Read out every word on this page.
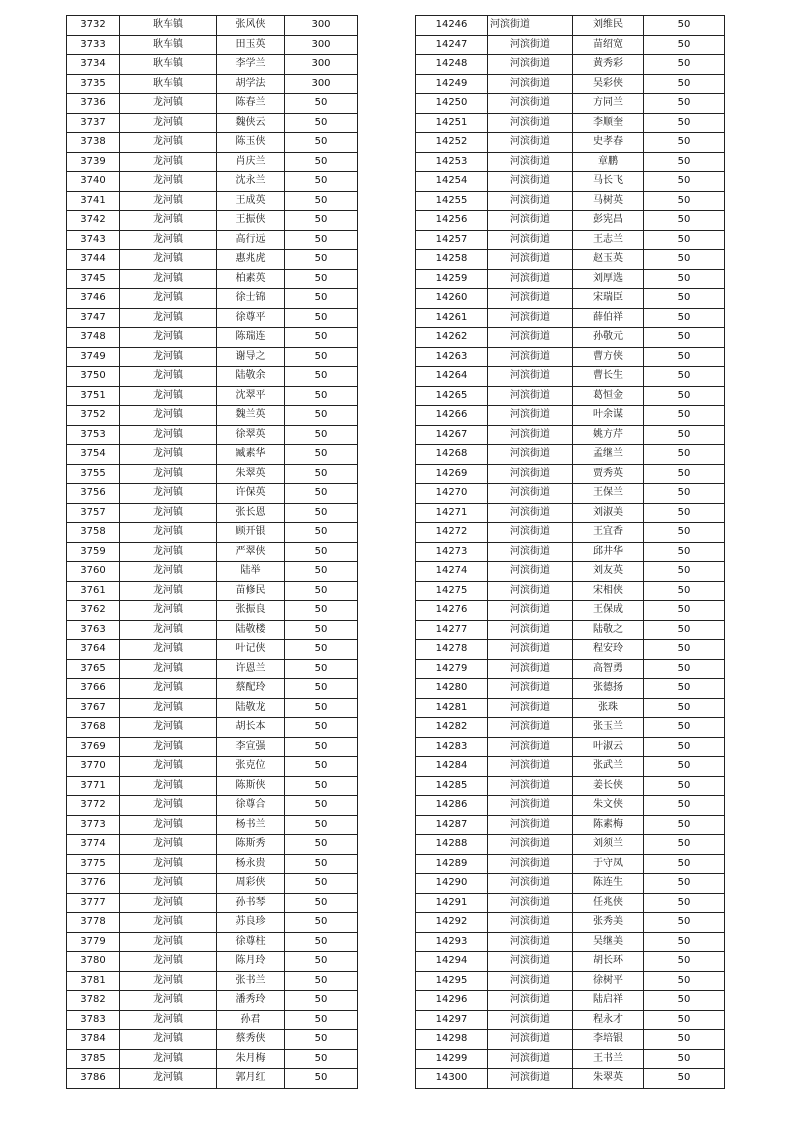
3732	耿车镇	张风侠	300
3733	耿车镇	田玉英	300
3734	耿车镇	李学兰	300
3735	耿车镇	胡学法	300
3736	龙河镇	陈春兰	50
3737	龙河镇	魏侠云	50
3738	龙河镇	陈玉侠	50
3739	龙河镇	肖庆兰	50
3740	龙河镇	沈永兰	50
3741	龙河镇	王成英	50
3742	龙河镇	王振侠	50
3743	龙河镇	高行远	50
3744	龙河镇	惠兆虎	50
3745	龙河镇	柏素英	50
3746	龙河镇	徐士锦	50
3747	龙河镇	徐尊平	50
3748	龙河镇	陈瑞连	50
3749	龙河镇	谢导之	50
3750	龙河镇	陆敬余	50
3751	龙河镇	沈翠平	50
3752	龙河镇	魏兰英	50
3753	龙河镇	徐翠英	50
3754	龙河镇	臧素华	50
3755	龙河镇	朱翠英	50
3756	龙河镇	许保英	50
3757	龙河镇	张长恩	50
3758	龙河镇	顾开银	50
3759	龙河镇	严翠侠	50
3760	龙河镇	陆举	50
3761	龙河镇	苗修民	50
3762	龙河镇	张振良	50
3763	龙河镇	陆敬楼	50
3764	龙河镇	叶记侠	50
3765	龙河镇	许恩兰	50
3766	龙河镇	蔡配玲	50
3767	龙河镇	陆敬龙	50
3768	龙河镇	胡长本	50
3769	龙河镇	李宣强	50
3770	龙河镇	张克位	50
3771	龙河镇	陈斯侠	50
3772	龙河镇	徐尊合	50
3773	龙河镇	杨书兰	50
3774	龙河镇	陈斯秀	50
3775	龙河镇	杨永贵	50
3776	龙河镇	周彩侠	50
3777	龙河镇	孙书琴	50
3778	龙河镇	苏良珍	50
3779	龙河镇	徐尊柱	50
3780	龙河镇	陈月玲	50
3781	龙河镇	张书兰	50
3782	龙河镇	潘秀玲	50
3783	龙河镇	孙君	50
3784	龙河镇	蔡秀侠	50
3785	龙河镇	朱月梅	50
3786	龙河镇	郭月红	50
14246	河滨街道	刘维民	50
14247	河滨街道	苗绍宽	50
14248	河滨街道	黄秀彩	50
14249	河滨街道	吴彩侠	50
14250	河滨街道	方同兰	50
14251	河滨街道	李顺奎	50
14252	河滨街道	史孝春	50
14253	河滨街道	章鹏	50
14254	河滨街道	马长飞	50
14255	河滨街道	马树英	50
14256	河滨街道	彭宪昌	50
14257	河滨街道	王志兰	50
14258	河滨街道	赵玉英	50
14259	河滨街道	刘厚选	50
14260	河滨街道	宋瑞臣	50
14261	河滨街道	薛伯祥	50
14262	河滨街道	孙敬元	50
14263	河滨街道	曹方侠	50
14264	河滨街道	曹长生	50
14265	河滨街道	葛恒金	50
14266	河滨街道	叶余谋	50
14267	河滨街道	姚方芹	50
14268	河滨街道	孟继兰	50
14269	河滨街道	贾秀英	50
14270	河滨街道	王保兰	50
14271	河滨街道	刘淑美	50
14272	河滨街道	王宜香	50
14273	河滨街道	邱井华	50
14274	河滨街道	刘友英	50
14275	河滨街道	宋相侠	50
14276	河滨街道	王保成	50
14277	河滨街道	陆敬之	50
14278	河滨街道	程安玲	50
14279	河滨街道	高智勇	50
14280	河滨街道	张德扬	50
14281	河滨街道	张珠	50
14282	河滨街道	张玉兰	50
14283	河滨街道	叶淑云	50
14284	河滨街道	张武兰	50
14285	河滨街道	姜长侠	50
14286	河滨街道	朱文侠	50
14287	河滨街道	陈素梅	50
14288	河滨街道	刘须兰	50
14289	河滨街道	于守凤	50
14290	河滨街道	陈连生	50
14291	河滨街道	任兆侠	50
14292	河滨街道	张秀美	50
14293	河滨街道	吴继美	50
14294	河滨街道	胡长环	50
14295	河滨街道	徐树平	50
14296	河滨街道	陆启祥	50
14297	河滨街道	程永才	50
14298	河滨街道	李培银	50
14299	河滨街道	王书兰	50
14300	河滨街道	朱翠英	50
